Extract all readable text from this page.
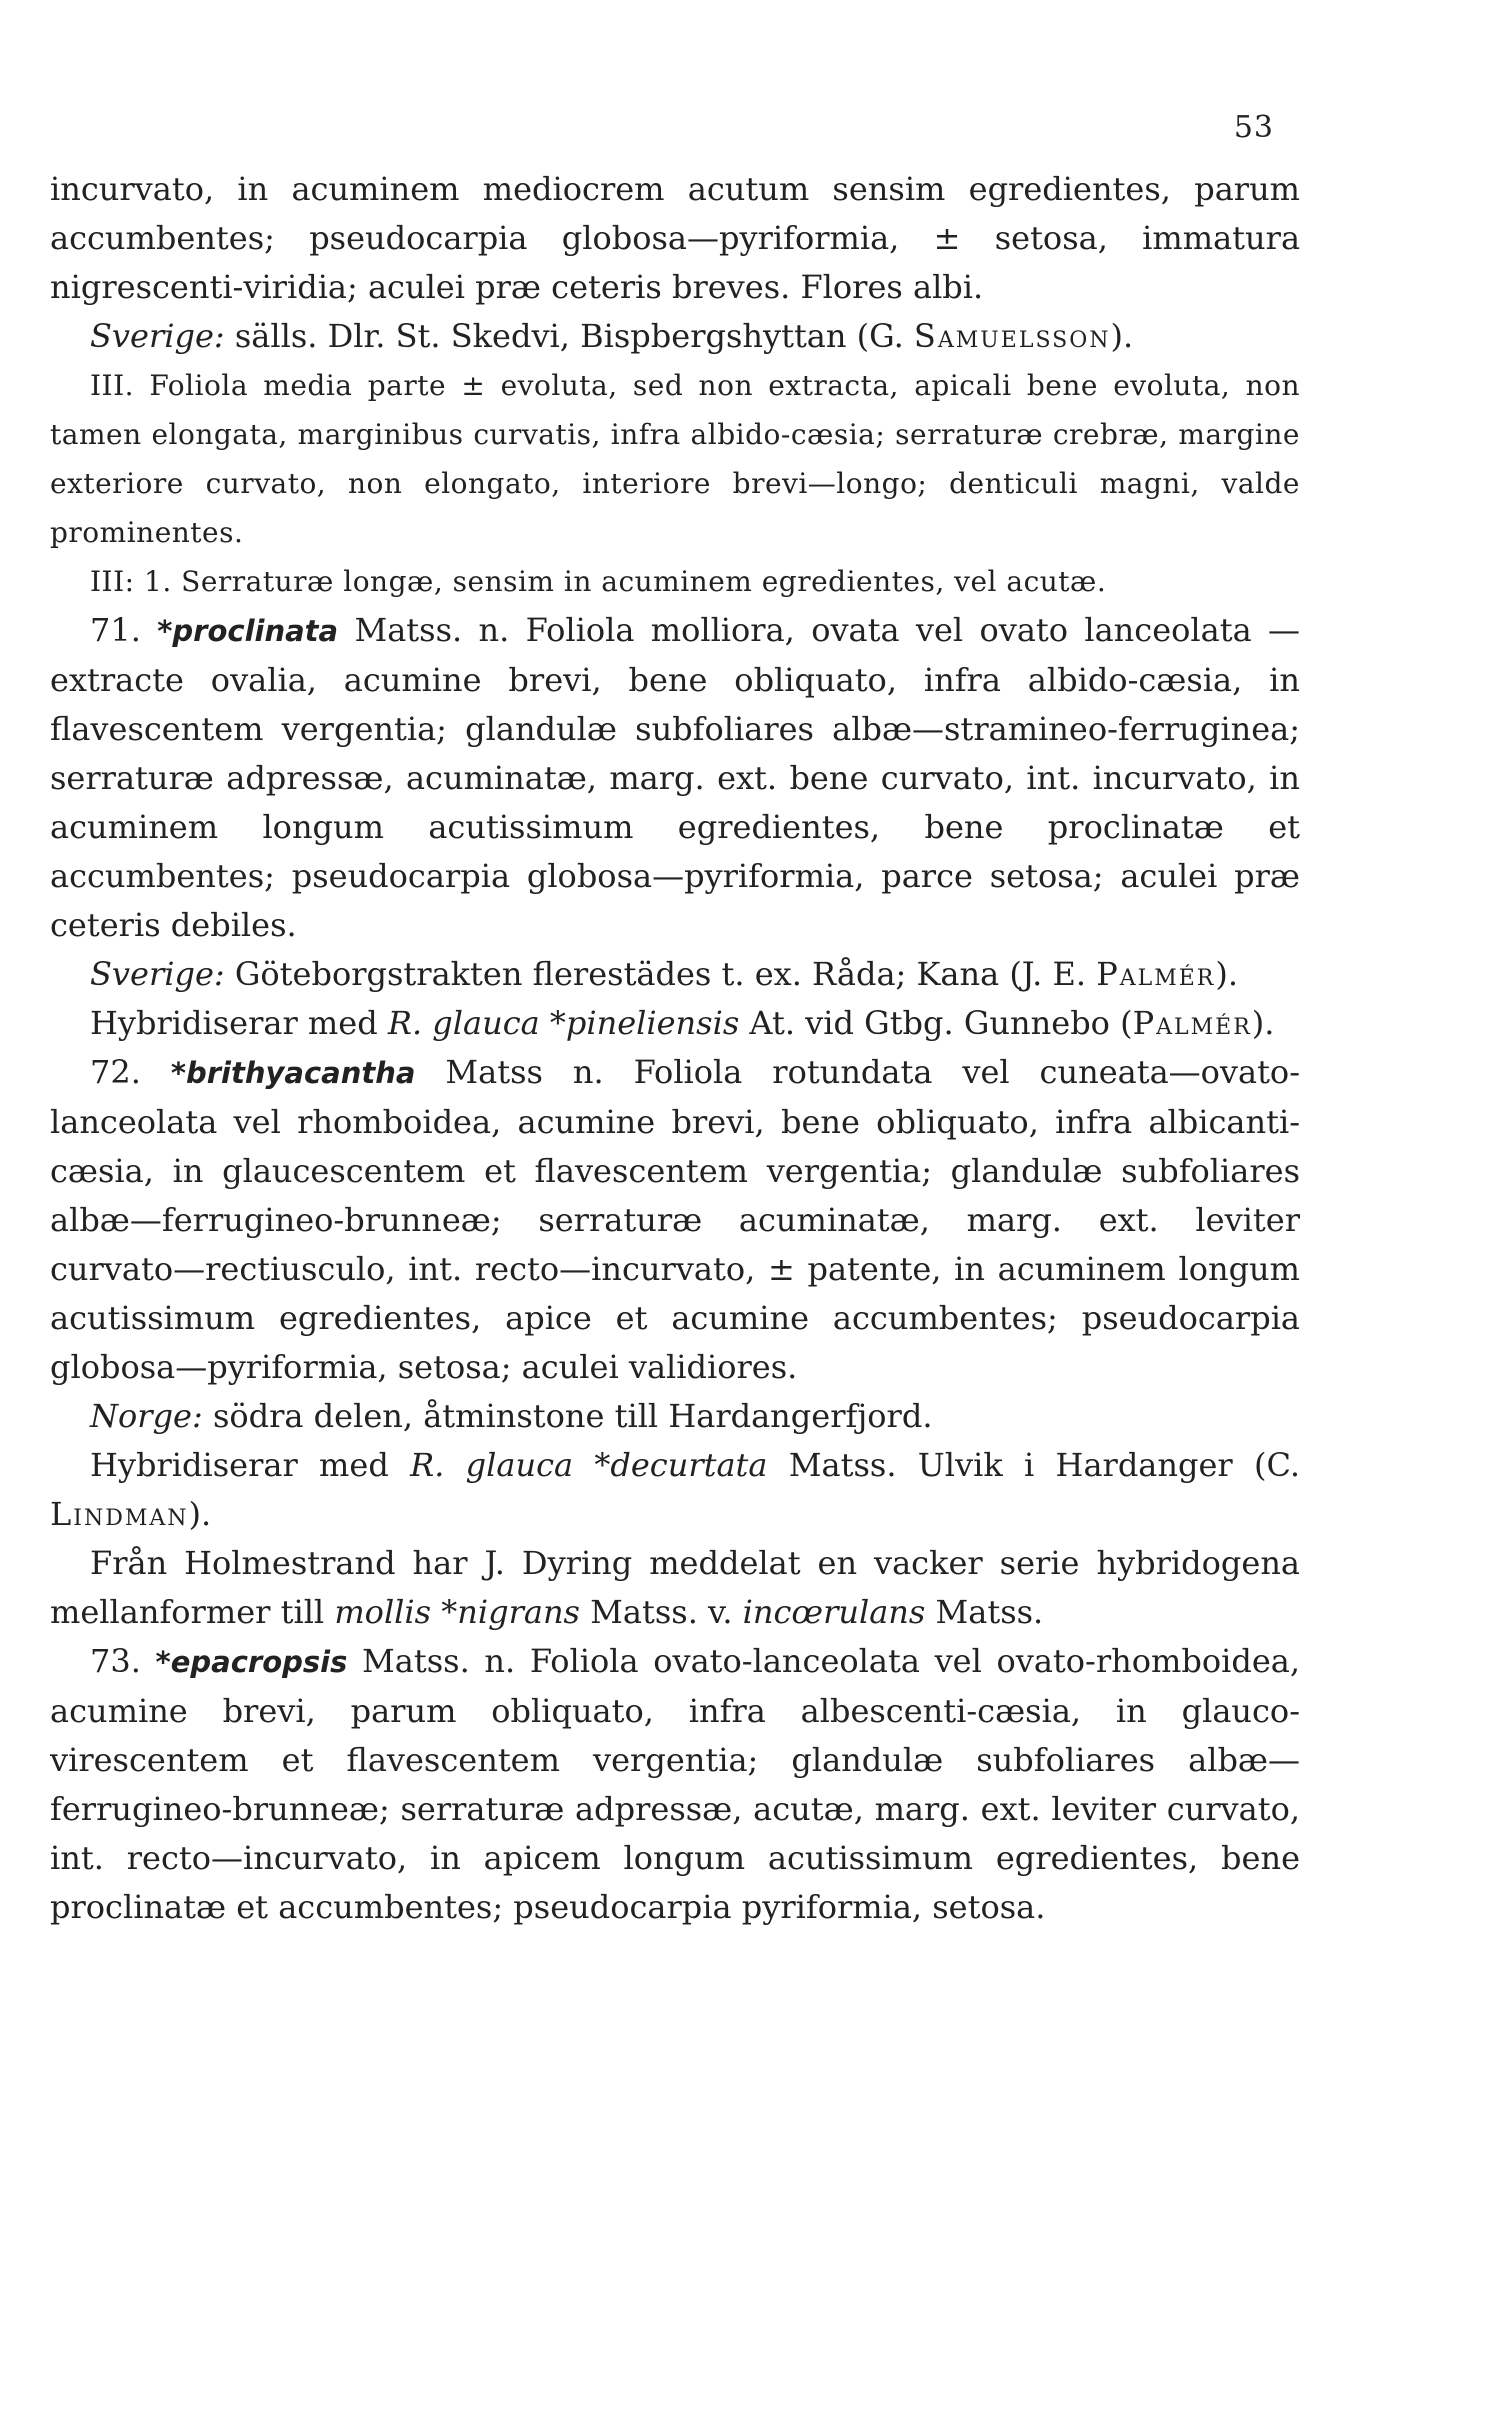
53

incurvato, in acuminem mediocrem acutum sensim egredientes, parum accumbentes; pseudocarpia globosa—pyriformia, ± setosa, immatura nigrescenti-viridia; aculei præ ceteris breves. Flores albi.

Sverige: sälls. Dlr. St. Skedvi, Bispbergshyttan (G. Samuelsson).

III. Foliola media parte ± evoluta, sed non extracta, apicali bene evoluta, non tamen elongata, marginibus curvatis, infra albido-cæsia; serraturæ crebræ, margine exteriore curvato, non elongato, interiore brevi—longo; denticuli magni, valde prominentes.

III: 1. Serraturæ longæ, sensim in acuminem egredientes, vel acutæ.

71. *proclinata Matss. n. Foliola molliora, ovata vel ovato lanceolata —extracte ovalia, acumine brevi, bene obliquato, infra albido-cæsia, in flavescentem vergentia; glandulæ subfoliares albæ—stramineo-ferruginea; serraturæ adpressæ, acuminatæ, marg. ext. bene curvato, int. incurvato, in acuminem longum acutissimum egredientes, bene proclinatæ et accumbentes; pseudocarpia globosa—pyriformia, parce setosa; aculei præ ceteris debiles.

Sverige: Göteborgstrakten flerestädes t. ex. Råda; Kana (J. E. Palmér).

Hybridiserar med R. glauca *pineliensis At. vid Gtbg. Gunnebo (Palmér).

72. *brithyacantha Matss n. Foliola rotundata vel cuneata—ovato-lanceolata vel rhomboidea, acumine brevi, bene obliquato, infra albicanti-cæsia, in glaucescentem et flavescentem vergentia; glandulæ subfoliares albæ—ferrugineo-brunneæ; serraturæ acuminatæ, marg. ext. leviter curvato—rectiusculo, int. recto—incurvato, ± patente, in acuminem longum acutissimum egredientes, apice et acumine accumbentes; pseudocarpia globosa—pyriformia, setosa; aculei validiores.

Norge: södra delen, åtminstone till Hardangerfjord.

Hybridiserar med R. glauca *decurtata Matss. Ulvik i Hardanger (C. Lindman).

Från Holmestrand har J. Dyring meddelat en vacker serie hybridogena mellanformer till mollis *nigrans Matss. v. incœrulans Matss.

73. *epacropsis Matss. n. Foliola ovato-lanceolata vel ovato-rhomboidea, acumine brevi, parum obliquato, infra albescenti-cæsia, in glauco-virescentem et flavescentem vergentia; glandulæ subfoliares albæ—ferrugineo-brunneæ; serraturæ adpressæ, acutæ, marg. ext. leviter curvato, int. recto—incurvato, in apicem longum acutissimum egredientes, bene proclinatæ et accumbentes; pseudocarpia pyriformia, setosa.
